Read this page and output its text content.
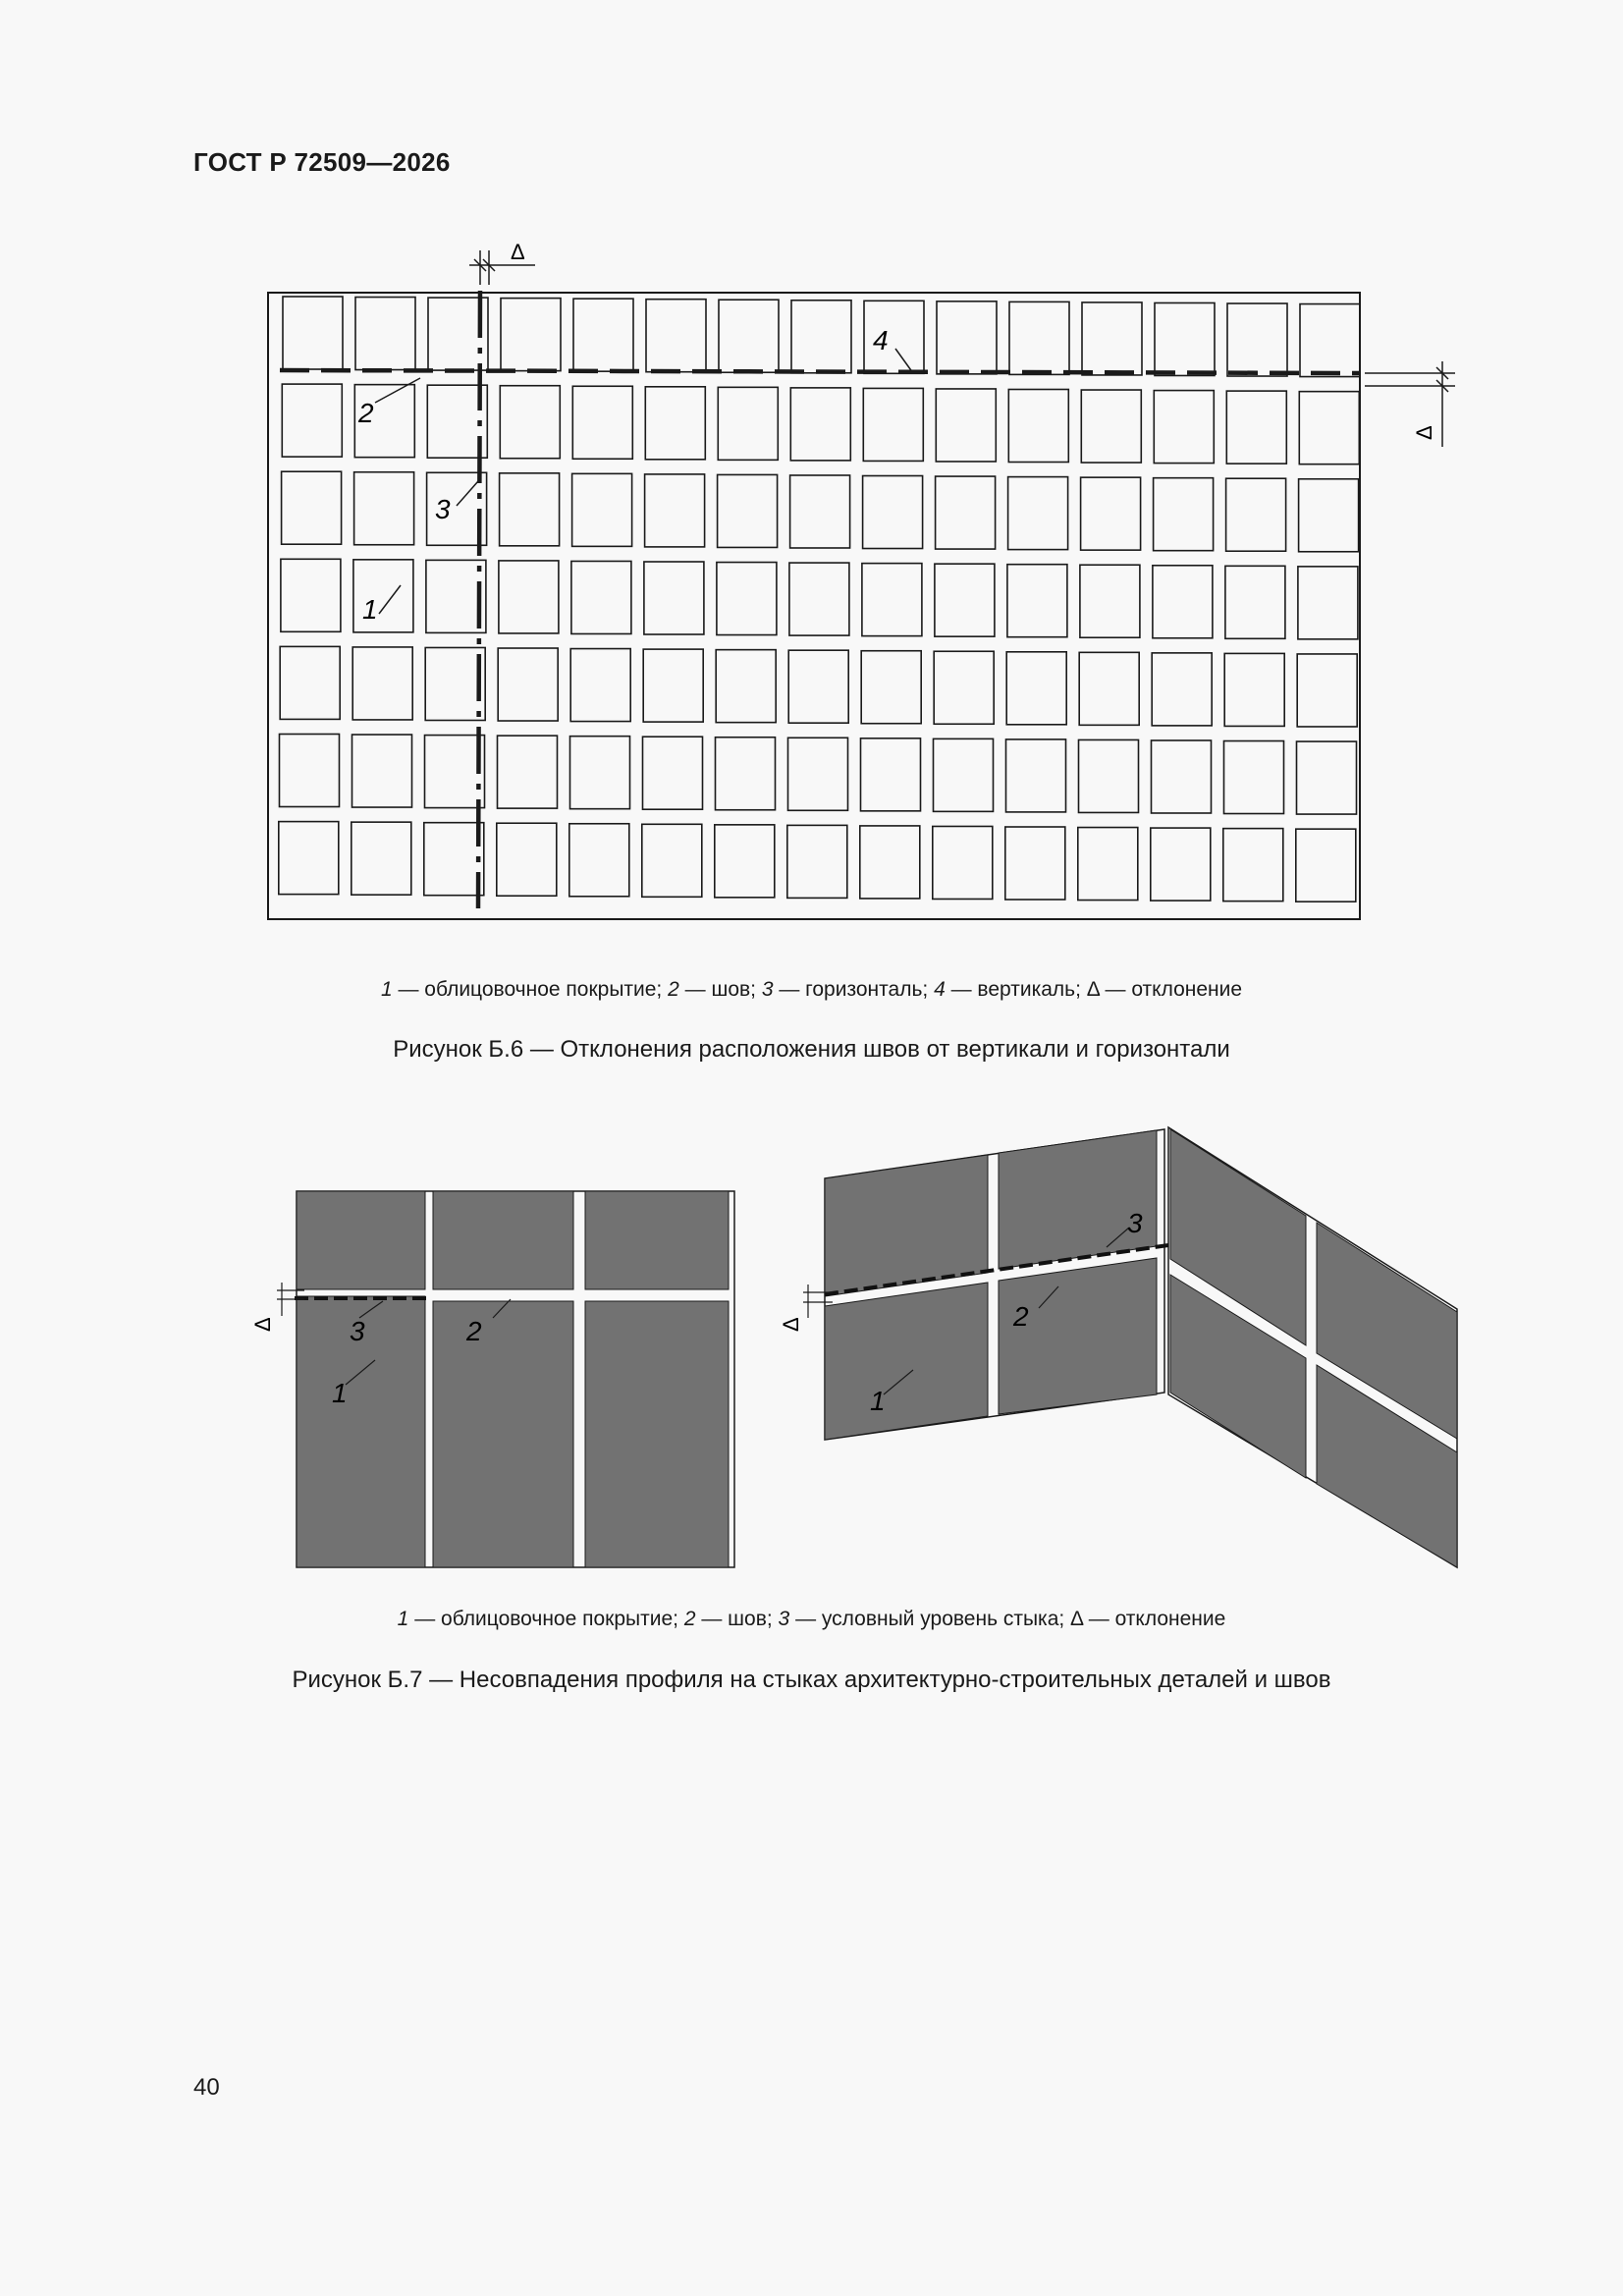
ГОСТ Р 72509—2026
Δ
Δ
2
3
1
4
1 — облицовочное покрытие; 2 — шов; 3 — горизонталь; 4 — вертикаль; Δ — отклонение
Рисунок Б.6 — Отклонения расположения швов от вертикали и горизонтали
Δ	3	2
1
Δ
3
2
1
1 — облицовочное покрытие; 2 — шов; 3 — условный уровень стыка; Δ — отклонение
Рисунок Б.7 — Несовпадения профиля на стыках архитектурно-строительных деталей и швов
40
